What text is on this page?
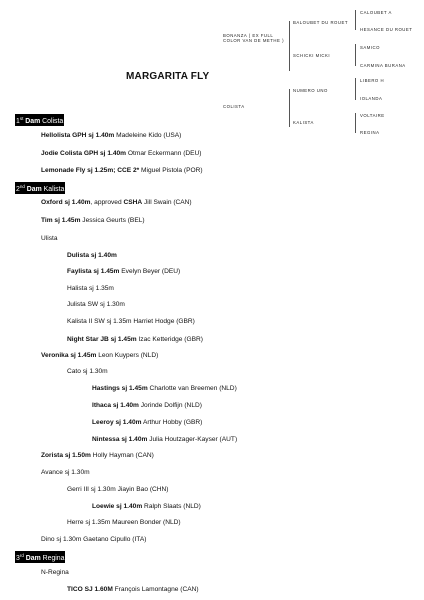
BONANZA ( EX FULL COLOR VAN DE METHE )
COLISTA
BALOUBET DU ROUET
SCHICKI MICKI
NUMERO UNO
KALISTA
CALOUBET A
HESANCE DU ROUET
SAMICO
CARMINA BURANA
LIBERO H
IOLANDA
VOLTAIRE
REGINA
MARGARITA FLY
1st Dam Colista
2nd Dam Kalista
3rd Dam Regina
Hellolista GPH sj 1.40m Madeleine Kido (USA)
Jodie Colista GPH sj 1.40m Otmar Eckermann (DEU)
Lemonade Fly sj 1.25m; CCE 2* Miguel Pistola (POR)
Oxford sj 1.40m, approved CSHA Jill Swain (CAN)
Tim sj 1.45m Jessica Geurts (BEL)
Ulista
Dulista sj 1.40m
Faylista sj 1.45m Evelyn Beyer (DEU)
Halista sj 1.35m
Julista SW sj 1.30m
Kalista II SW sj 1.35m Harriet Hodge (GBR)
Night Star JB sj 1.45m Izac Ketteridge (GBR)
Veronika sj 1.45m Leon Kuypers (NLD)
Cato sj 1.30m
Hastings sj 1.45m Charlotte van Breemen (NLD)
Ithaca sj 1.40m Jorinde Dolfijn (NLD)
Leeroy sj 1.40m Arthur Hobby (GBR)
Nintessa sj 1.40m Julia Houtzager-Kayser (AUT)
Zorista sj 1.50m Holly Hayman (CAN)
Avance sj 1.30m
Gerri III sj 1.30m Jiayin Bao (CHN)
Loewie sj 1.40m Ralph Slaats (NLD)
Herre sj 1.35m Maureen Bonder (NLD)
Dino sj 1.30m Gaetano Cipullo (ITA)
N-Regina
TICO SJ 1.60M François Lamontagne (CAN)
